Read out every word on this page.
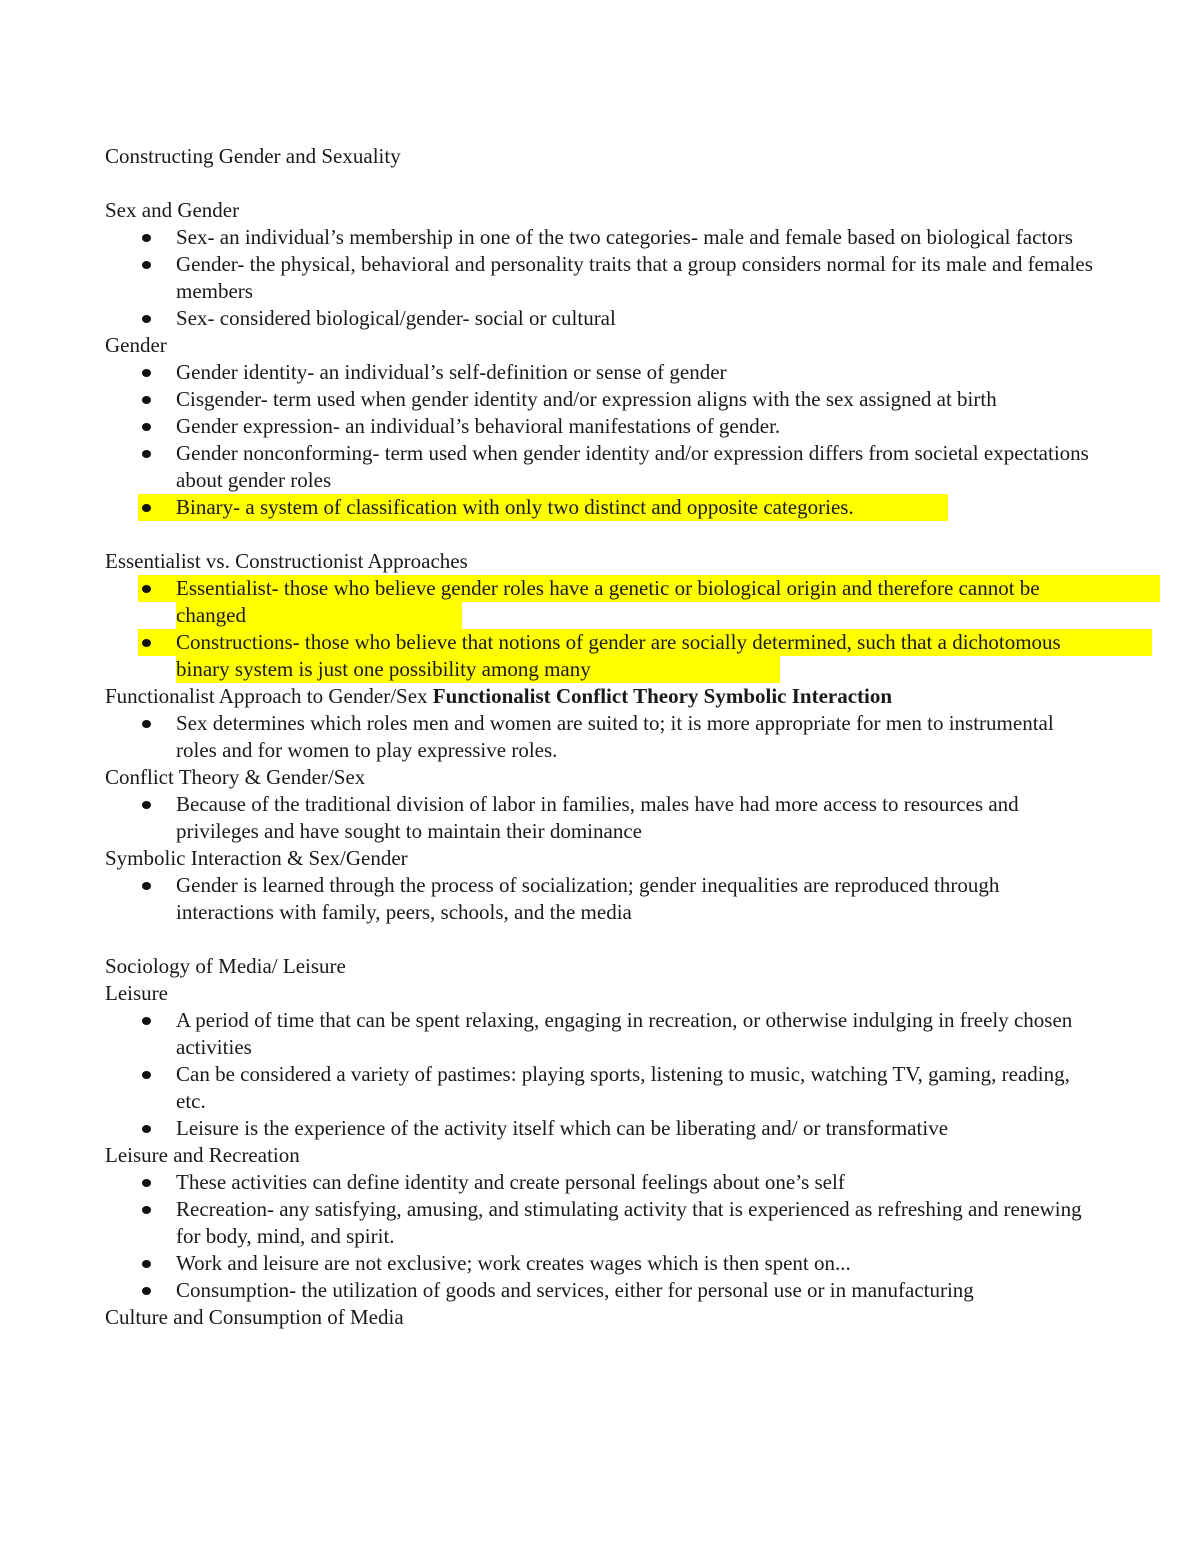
Constructing Gender and Sexuality

Sex and Gender

Sex- an individual’s membership in one of the two categories- male and female based on biological factors
Gender- the physical, behavioral and personality traits that a group considers normal for its male and females members
Sex- considered biological/gender- social or cultural

Gender

Gender identity- an individual’s self-definition or sense of gender
Cisgender- term used when gender identity and/or expression aligns with the sex assigned at birth
Gender expression- an individual’s behavioral manifestations of gender.
Gender nonconforming- term used when gender identity and/or expression differs from societal expectations about gender roles
Binary- a system of classification with only two distinct and opposite categories.

Essentialist vs. Constructionist Approaches

Essentialist- those who believe gender roles have a genetic or biological origin and therefore cannot be changed
Constructions- those who believe that notions of gender are socially determined, such that a dichotomous binary system is just one possibility among many

Functionalist Approach to Gender/Sex Functionalist Conflict Theory Symbolic Interaction

Sex determines which roles men and women are suited to; it is more appropriate for men to instrumental roles and for women to play expressive roles.

Conflict Theory & Gender/Sex

Because of the traditional division of labor in families, males have had more access to resources and privileges and have sought to maintain their dominance

Symbolic Interaction & Sex/Gender

Gender is learned through the process of socialization; gender inequalities are reproduced through interactions with family, peers, schools, and the media

Sociology of Media/ Leisure

Leisure

A period of time that can be spent relaxing, engaging in recreation, or otherwise indulging in freely chosen activities
Can be considered a variety of pastimes: playing sports, listening to music, watching TV, gaming, reading, etc.
Leisure is the experience of the activity itself which can be liberating and/ or transformative

Leisure and Recreation

These activities can define identity and create personal feelings about one’s self
Recreation- any satisfying, amusing, and stimulating activity that is experienced as refreshing and renewing for body, mind, and spirit.
Work and leisure are not exclusive; work creates wages which is then spent on...
Consumption- the utilization of goods and services, either for personal use or in manufacturing

Culture and Consumption of Media
